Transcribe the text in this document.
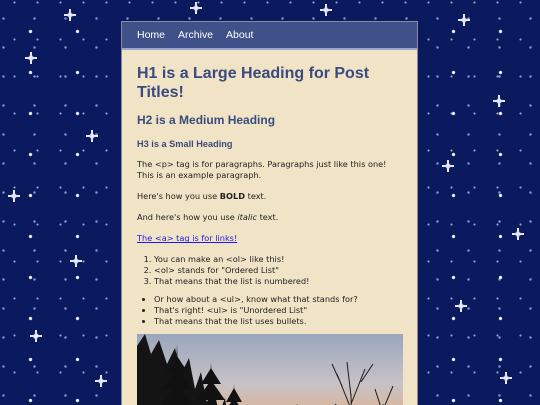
Home Archive About
H1 is a Large Heading for Post Titles!
H2 is a Medium Heading
H3 is a Small Heading

The <p> tag is for paragraphs. Paragraphs just like this one! This is an example paragraph.

Here's how you use BOLD text.

And here's how you use italic text.

The <a> tag is for links!

1. You can make an <ol> like this!
2. <ol> stands for "Ordered List"
3. That means that the list is numbered!
• Or how about a <ul>, know what that stands for?
• That's right! <ul> is "Unordered List"
• That means that the list uses bullets.
